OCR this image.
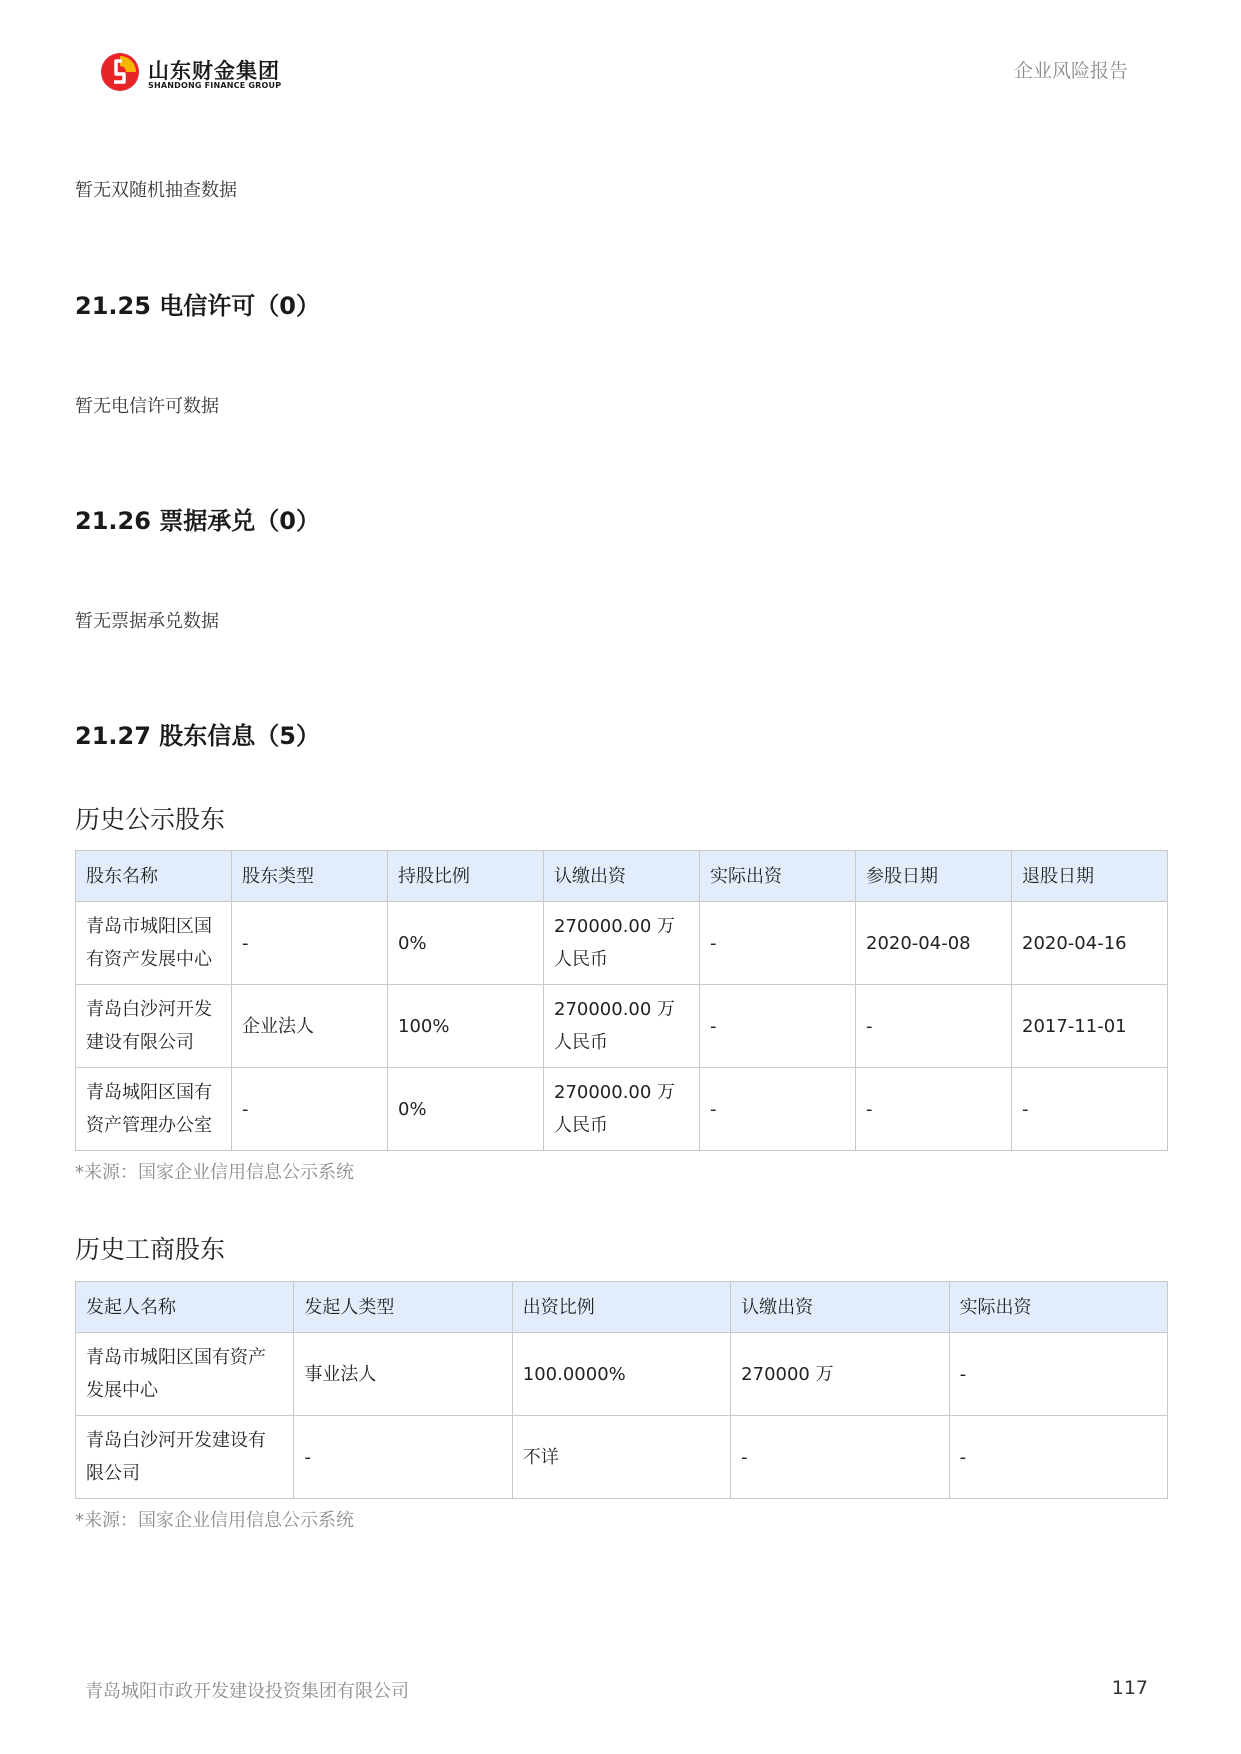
山东财金集团
SHANDONG FINANCE GROUP
企业风险报告
暂无双随机抽查数据
21.25 电信许可（0）
暂无电信许可数据
21.26 票据承兑（0）
暂无票据承兑数据
21.27 股东信息（5）
历史公示股东
股东名称	股东类型	持股比例	认缴出资	实际出资	参股日期	退股日期
青岛市城阳区国有资产发展中心	-	0%	270000.00 万人民币	-	2020-04-08	2020-04-16
青岛白沙河开发建设有限公司	企业法人	100%	270000.00 万人民币	-	-	2017-11-01
青岛城阳区国有资产管理办公室	-	0%	270000.00 万人民币	-	-	-
*来源：国家企业信用信息公示系统
历史工商股东
发起人名称	发起人类型	出资比例	认缴出资	实际出资
青岛市城阳区国有资产发展中心	事业法人	100.0000%	270000 万	-
青岛白沙河开发建设有限公司	-	不详	-	-
*来源：国家企业信用信息公示系统
青岛城阳市政开发建设投资集团有限公司	117
